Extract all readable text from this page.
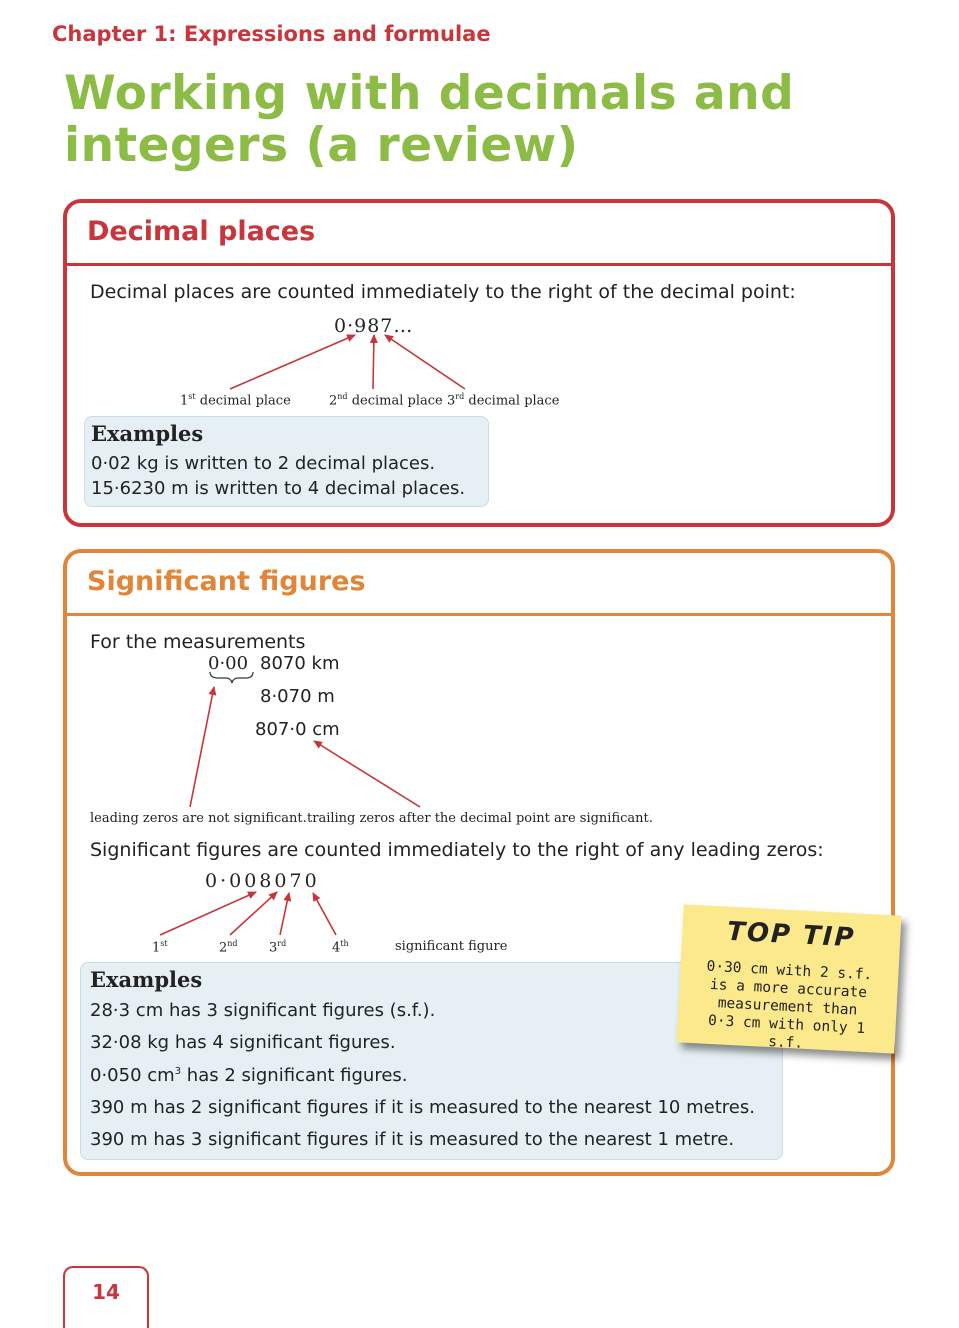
Chapter 1: Expressions and formulae
Working with decimals and
integers (a review)
Decimal places
Decimal places are counted immediately to the right of the decimal point:
0·987…
1st decimal place	2nd decimal place 3rd decimal place
Examples
0·02 kg is written to 2 decimal places.
15·6230 m is written to 4 decimal places.
Significant figures
For the measurements
0·00 8070 km
8·070 m
807·0 cm
leading zeros are not significant. trailing zeros after the decimal point are significant.
Significant figures are counted immediately to the right of any leading zeros:
0·008070
1st	2nd 3rd	4th	significant figure
Examples
28·3 cm has 3 significant figures (s.f.).
32·08 kg has 4 significant figures.
0·050 $cm^3$ has 2 significant figures.
390 m has 2 significant figures if it is measured to the nearest 10 metres.
390 m has 3 significant figures if it is measured to the nearest 1 metre.
TOP TIP
0·30 cm with 2 s.f.
is a more accurate
measurement than
0·3 cm with only 1 s.f.
14
